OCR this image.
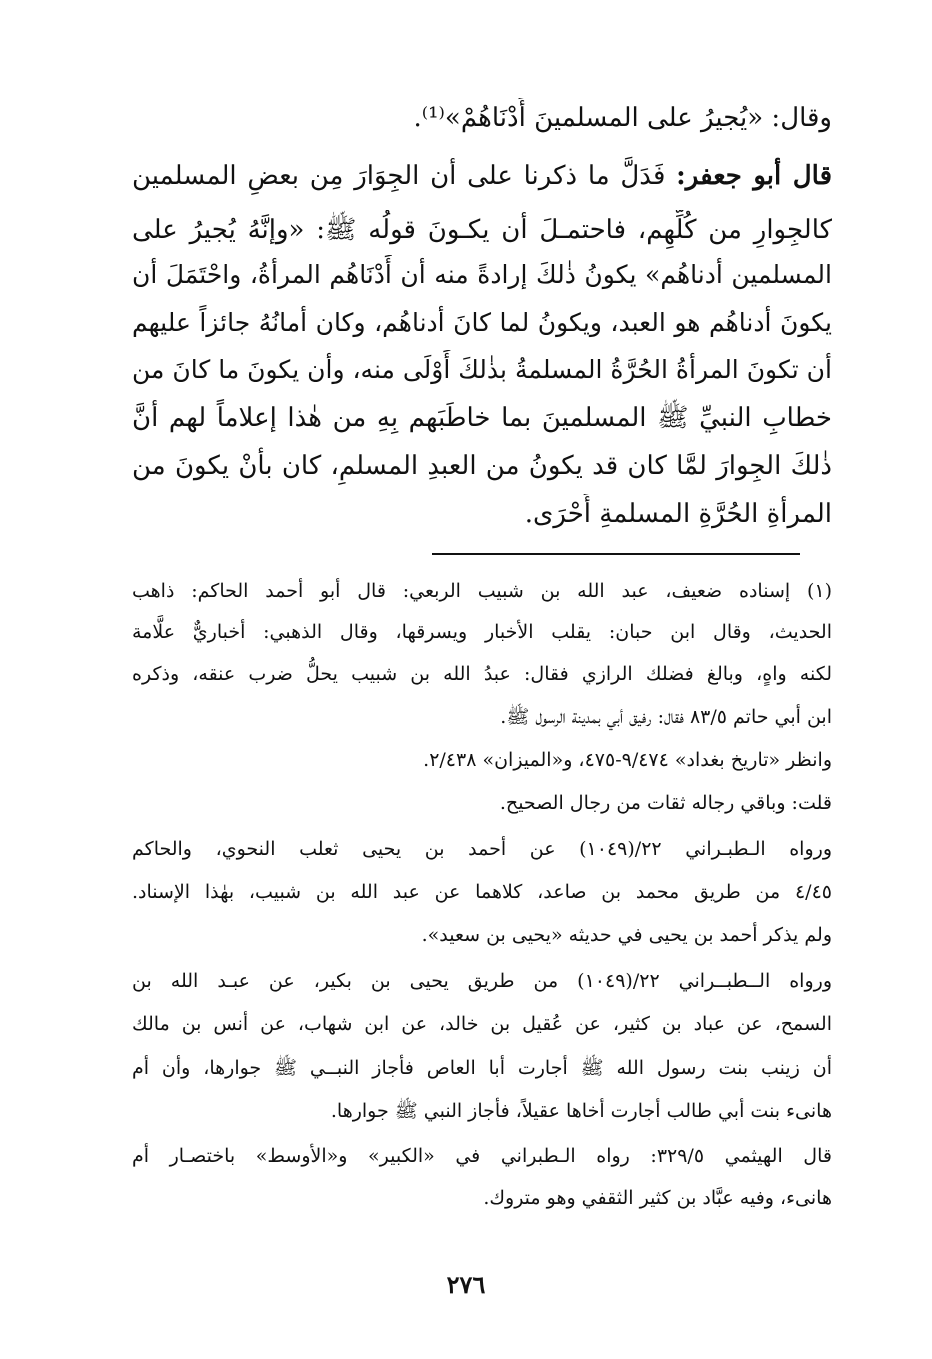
وقال: «يُجيرُ على المسلمينَ أَدْنَاهُمْ»⁽¹⁾.
قال أبو جعفر: فَدَلَّ ما ذكرنا على أن الجِوَارَ مِن بعضِ المسلمين
كالجِوارِ من كُلِّهِم، فاحتمـلَ أن يكـونَ قولُه ﷺ: «وإنَّهُ يُجيرُ على
المسلمين أدناهُم» يكونُ ذٰلكَ إرادةً منه أن أَدْنَاهُم المرأةُ، واحْتَمَلَ أن
يكونَ أدناهُم هو العبد، ويكونُ لما كانَ أدناهُم، وكان أمانُهُ جائزاً عليهم
أن تكونَ المرأةُ الحُرَّةُ المسلمةُ بذٰلكَ أَوْلَى منه، وأن يكونَ ما كانَ من
خطابِ النبيِّ ﷺ المسلمينَ بما خاطَبَهم بِهِ من هٰذا إعلاماً لهم أنَّ
ذٰلكَ الجِوارَ لمَّا كان قد يكونُ من العبدِ المسلمِ، كان بأَنْ يكونَ من
المرأةِ الحُرَّةِ المسلمةِ أَحْرَى.
(١) إسناده ضعيف، عبد الله بن شبيب الربعي: قال أبو أحمد الحاكم: ذاهب
الحديث، وقال ابن حبان: يقلب الأخبار ويسرقها، وقال الذهبي: أخباريٌّ علَّامة
لكنه واهٍ، وبالغ فضلك الرازي فقال: عبدُ الله بن شبيب يحلُّ ضرب عنقه، وذكره
ابن أبي حاتم ٨٣/٥ فقال: رفيق أبي بمدينة الرسول ﷺ.
وانظر «تاريخ بغداد» ٩/٤٧٤-٤٧٥، و«الميزان» ٢/٤٣٨.
قلت: وباقي رجاله ثقات من رجال الصحيح.
ورواه الـطبـراني ٢٢/(١٠٤٩) عن أحمد بن يحيى ثعلب النحوي، والحاكم
٤/٤٥ من طريق محمد بن صاعد، كلاهما عن عبد الله بن شبيب، بهٰذا الإسناد.
ولم يذكر أحمد بن يحيى في حديثه «يحيى بن سعيد».
ورواه الــطبــراني ٢٢/(١٠٤٩) من طريق يحيى بن بكير، عن عبـد الله بن
السمح، عن عباد بن كثير، عن عُقيل بن خالد، عن ابن شهاب، عن أنس بن مالك
أن زينب بنت رسول الله ﷺ أجارت أبا العاص فأجاز النبــي ﷺ جوارها، وأن أم
هانىء بنت أبي طالب أجارت أخاها عقيلاً، فأجاز النبي ﷺ جوارها.
قال الهيثمي ٣٢٩/٥: رواه الـطبراني في «الكبير» و«الأوسط» باختصـار أم
هانىء، وفيه عبَّاد بن كثير الثقفي وهو متروك.
٢٧٦
